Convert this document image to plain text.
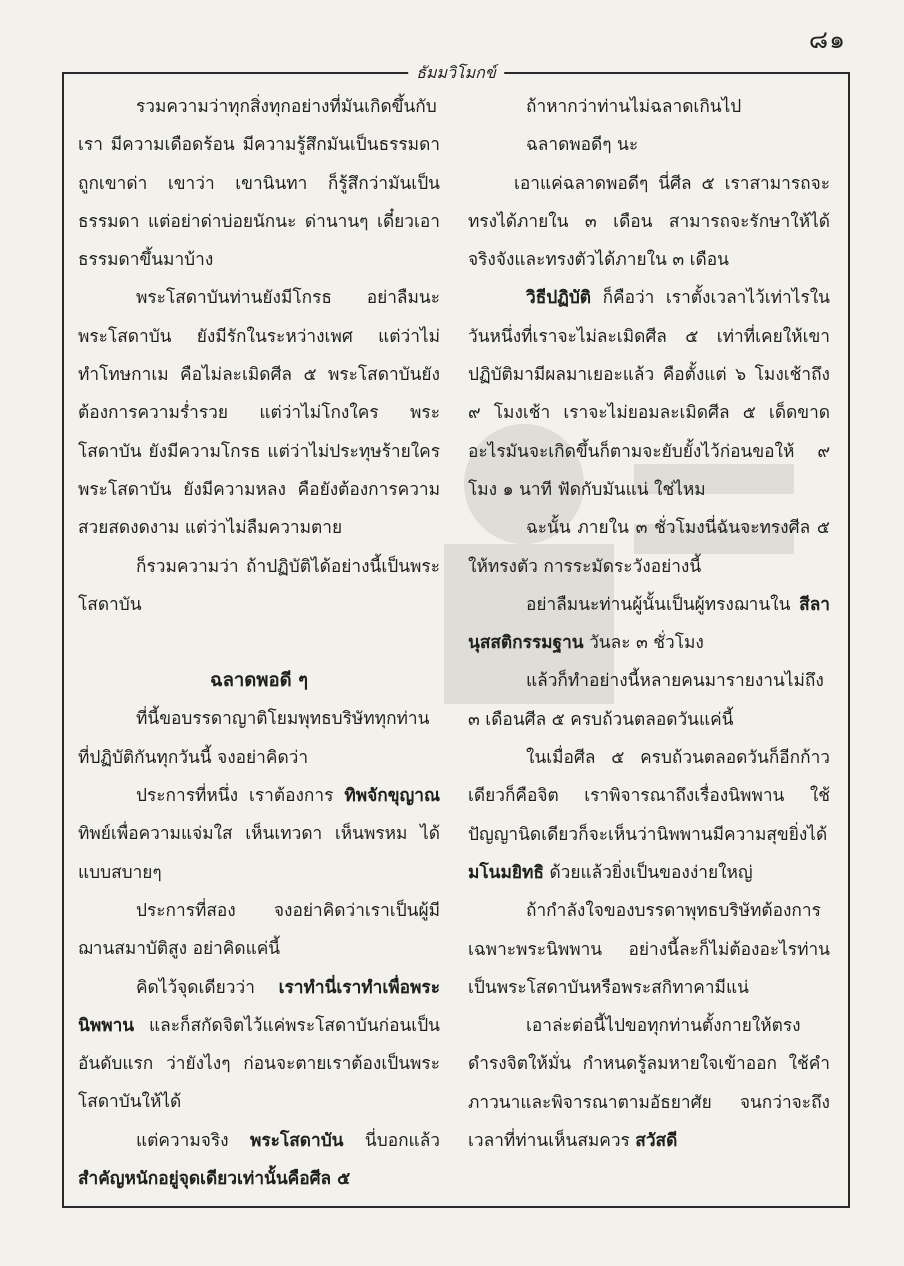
๘๑
ธัมมวิโมกข์

รวมความว่าทุกสิ่งทุกอย่างที่มันเกิดขึ้นกับเรา มีความเดือดร้อน มีความรู้สึกมันเป็นธรรมดา ถูกเขาด่า เขาว่า เขานินทา ก็รู้สึกว่ามันเป็นธรรมดา แต่อย่าด่าบ่อยนักนะ ด่านานๆ เดี๋ยวเอาธรรมดาขึ้นมาบ้าง

พระโสดาบันท่านยังมีโกรธ อย่าลืมนะ พระโสดาบัน ยังมีรักในระหว่างเพศ แต่ว่าไม่ทำโทษกาเม คือไม่ละเมิดศีล ๕ พระโสดาบันยังต้องการความร่ำรวย แต่ว่าไม่โกงใคร พระโสดาบัน ยังมีความโกรธ แต่ว่าไม่ประทุษร้ายใคร พระโสดาบัน ยังมีความหลง คือยังต้องการความสวยสดงดงาม แต่ว่าไม่ลืมความตาย

ก็รวมความว่า ถ้าปฏิบัติได้อย่างนี้เป็นพระโสดาบัน

ฉลาดพอดี ๆ

ที่นี้ขอบรรดาญาติโยมพุทธบริษัททุกท่านที่ปฏิบัติกันทุกวันนี้ จงอย่าคิดว่า

ประการที่หนึ่ง เราต้องการ ทิพจักขุญาณ ทิพย์เพื่อความแจ่มใส เห็นเทวดา เห็นพรหม ได้แบบสบายๆ

ประการที่สอง จงอย่าคิดว่าเราเป็นผู้มีฌานสมาบัติสูง อย่าคิดแค่นี้

คิดไว้จุดเดียวว่า เราทำนี่เราทำเพื่อพระนิพพาน และก็สกัดจิตไว้แค่พระโสดาบันก่อนเป็นอันดับแรก ว่ายังไงๆ ก่อนจะตายเราต้องเป็นพระโสดาบันให้ได้

แต่ความจริง พระโสดาบัน นี่บอกแล้ว สำคัญหนักอยู่จุดเดียวเท่านั้นคือศีล ๕

ถ้าหากว่าท่านไม่ฉลาดเกินไป

ฉลาดพอดีๆ นะ

เอาแค่ฉลาดพอดีๆ นี่ศีล ๕ เราสามารถจะทรงได้ภายใน ๓ เดือน สามารถจะรักษาให้ได้จริงจังและทรงตัวได้ภายใน ๓ เดือน

วิธีปฏิบัติ ก็คือว่า เราตั้งเวลาไว้เท่าไรในวันหนึ่งที่เราจะไม่ละเมิดศีล ๕ เท่าที่เคยให้เขาปฏิบัติมามีผลมาเยอะแล้ว คือตั้งแต่ ๖ โมงเช้าถึง ๙ โมงเช้า เราจะไม่ยอมละเมิดศีล ๕ เด็ดขาด อะไรมันจะเกิดขึ้นก็ตามจะยับยั้งไว้ก่อนขอให้ ๙ โมง ๑ นาที ฟัดกับมันแน่ ใช่ไหม

ฉะนั้น ภายใน ๓ ชั่วโมงนี่ฉันจะทรงศีล ๕ ให้ทรงตัว การระมัดระวังอย่างนี้

อย่าลืมนะท่านผู้นั้นเป็นผู้ทรงฌานใน สีลานุสสติกรรมฐาน วันละ ๓ ชั่วโมง

แล้วก็ทำอย่างนี้หลายคนมารายงานไม่ถึง ๓ เดือนศีล ๕ ครบถ้วนตลอดวันแค่นี้

ในเมื่อศีล ๕ ครบถ้วนตลอดวันก็อีกก้าวเดียวก็คือจิต เราพิจารณาถึงเรื่องนิพพาน ใช้ปัญญานิดเดียวก็จะเห็นว่านิพพานมีความสุขยิ่งได้ มโนมยิทธิ ด้วยแล้วยิ่งเป็นของง่ายใหญ่

ถ้ากำลังใจของบรรดาพุทธบริษัทต้องการเฉพาะพระนิพพาน อย่างนี้ละก็ไม่ต้องอะไรท่านเป็นพระโสดาบันหรือพระสกิทาคามีแน่

เอาล่ะต่อนี้ไปขอทุกท่านตั้งกายให้ตรง ดำรงจิตให้มั่น กำหนดรู้ลมหายใจเข้าออก ใช้คำภาวนาและพิจารณาตามอัธยาศัย จนกว่าจะถึงเวลาที่ท่านเห็นสมควร สวัสดี
